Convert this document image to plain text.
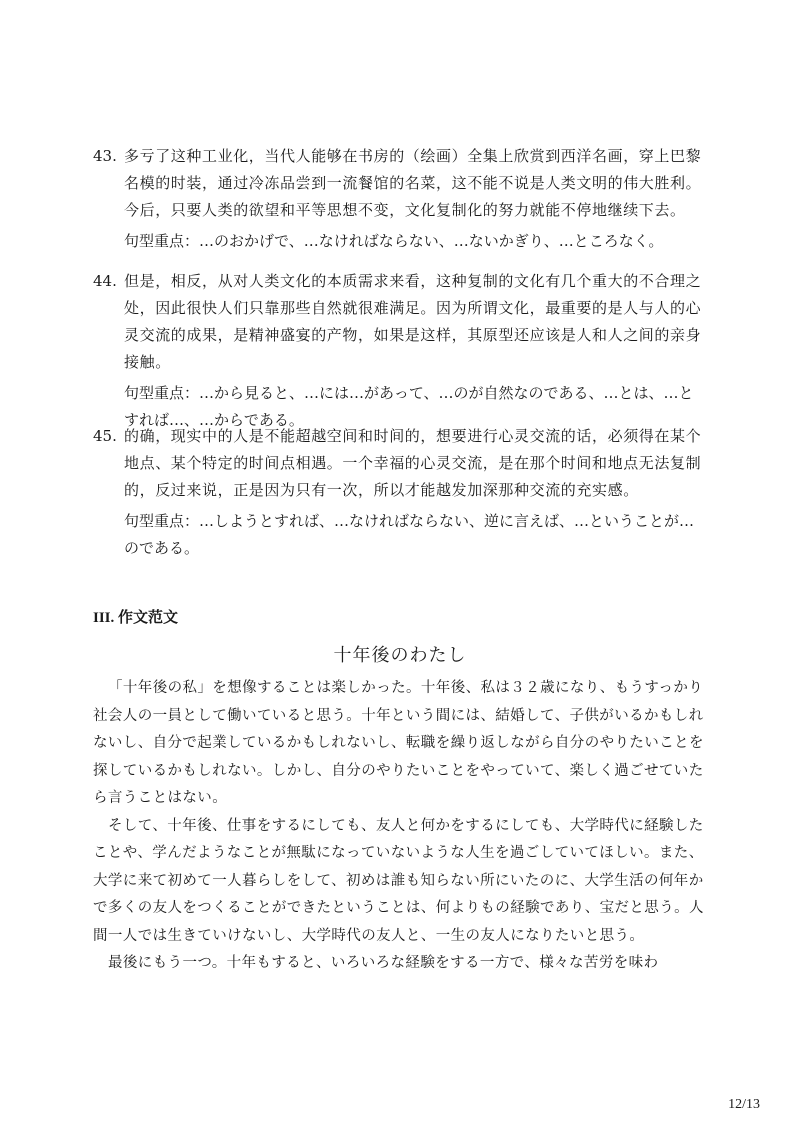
43. 多亏了这种工业化，当代人能够在书房的（绘画）全集上欣赏到西洋名画，穿上巴黎名模的时装，通过冷冻品尝到一流餐馆的名菜，这不能不说是人类文明的伟大胜利。今后，只要人类的欲望和平等思想不变，文化复制化的努力就能不停地继续下去。
句型重点：…のおかげで、…なければならない、…ないかぎり、…ところなく。
44. 但是，相反，从对人类文化的本质需求来看，这种复制的文化有几个重大的不合理之处，因此很快人们只靠那些自然就很难满足。因为所谓文化，最重要的是人与人的心灵交流的成果，是精神盛宴的产物，如果是这样，其原型还应该是人和人之间的亲身接触。
句型重点：…から見ると、…には…があって、…のが自然なのである、…とは、…とすれば…、…からである。
45. 的确，现实中的人是不能超越空间和时间的，想要进行心灵交流的话，必须得在某个地点、某个特定的时间点相遇。一个幸福的心灵交流，是在那个时间和地点无法复制的，反过来说，正是因为只有一次，所以才能越发加深那种交流的充实感。
句型重点：…しようとすれば、…なければならない、逆に言えば、…ということが…のである。
III. 作文范文
十年後のわたし

「十年後の私」を想像することは楽しかった。十年後、私は３２歳になり、もうすっかり社会人の一員として働いていると思う。十年という間には、結婚して、子供がいるかもしれないし、自分で起業しているかもしれないし、転職を繰り返しながら自分のやりたいことを探しているかもしれない。しかし、自分のやりたいことをやっていて、楽しく過ごせていたら言うことはない。

そして、十年後、仕事をするにしても、友人と何かをするにしても、大学時代に経験したことや、学んだようなことが無駄になっていないような人生を過ごしていてほしい。また、大学に来て初めて一人暮らしをして、初めは誰も知らない所にいたのに、大学生活の何年かで多くの友人をつくることができたということは、何よりもの経験であり、宝だと思う。人間一人では生きていけないし、大学時代の友人と、一生の友人になりたいと思う。

最後にもう一つ。十年もすると、いろいろな経験をする一方で、様々な苦労を味わ

12/13
